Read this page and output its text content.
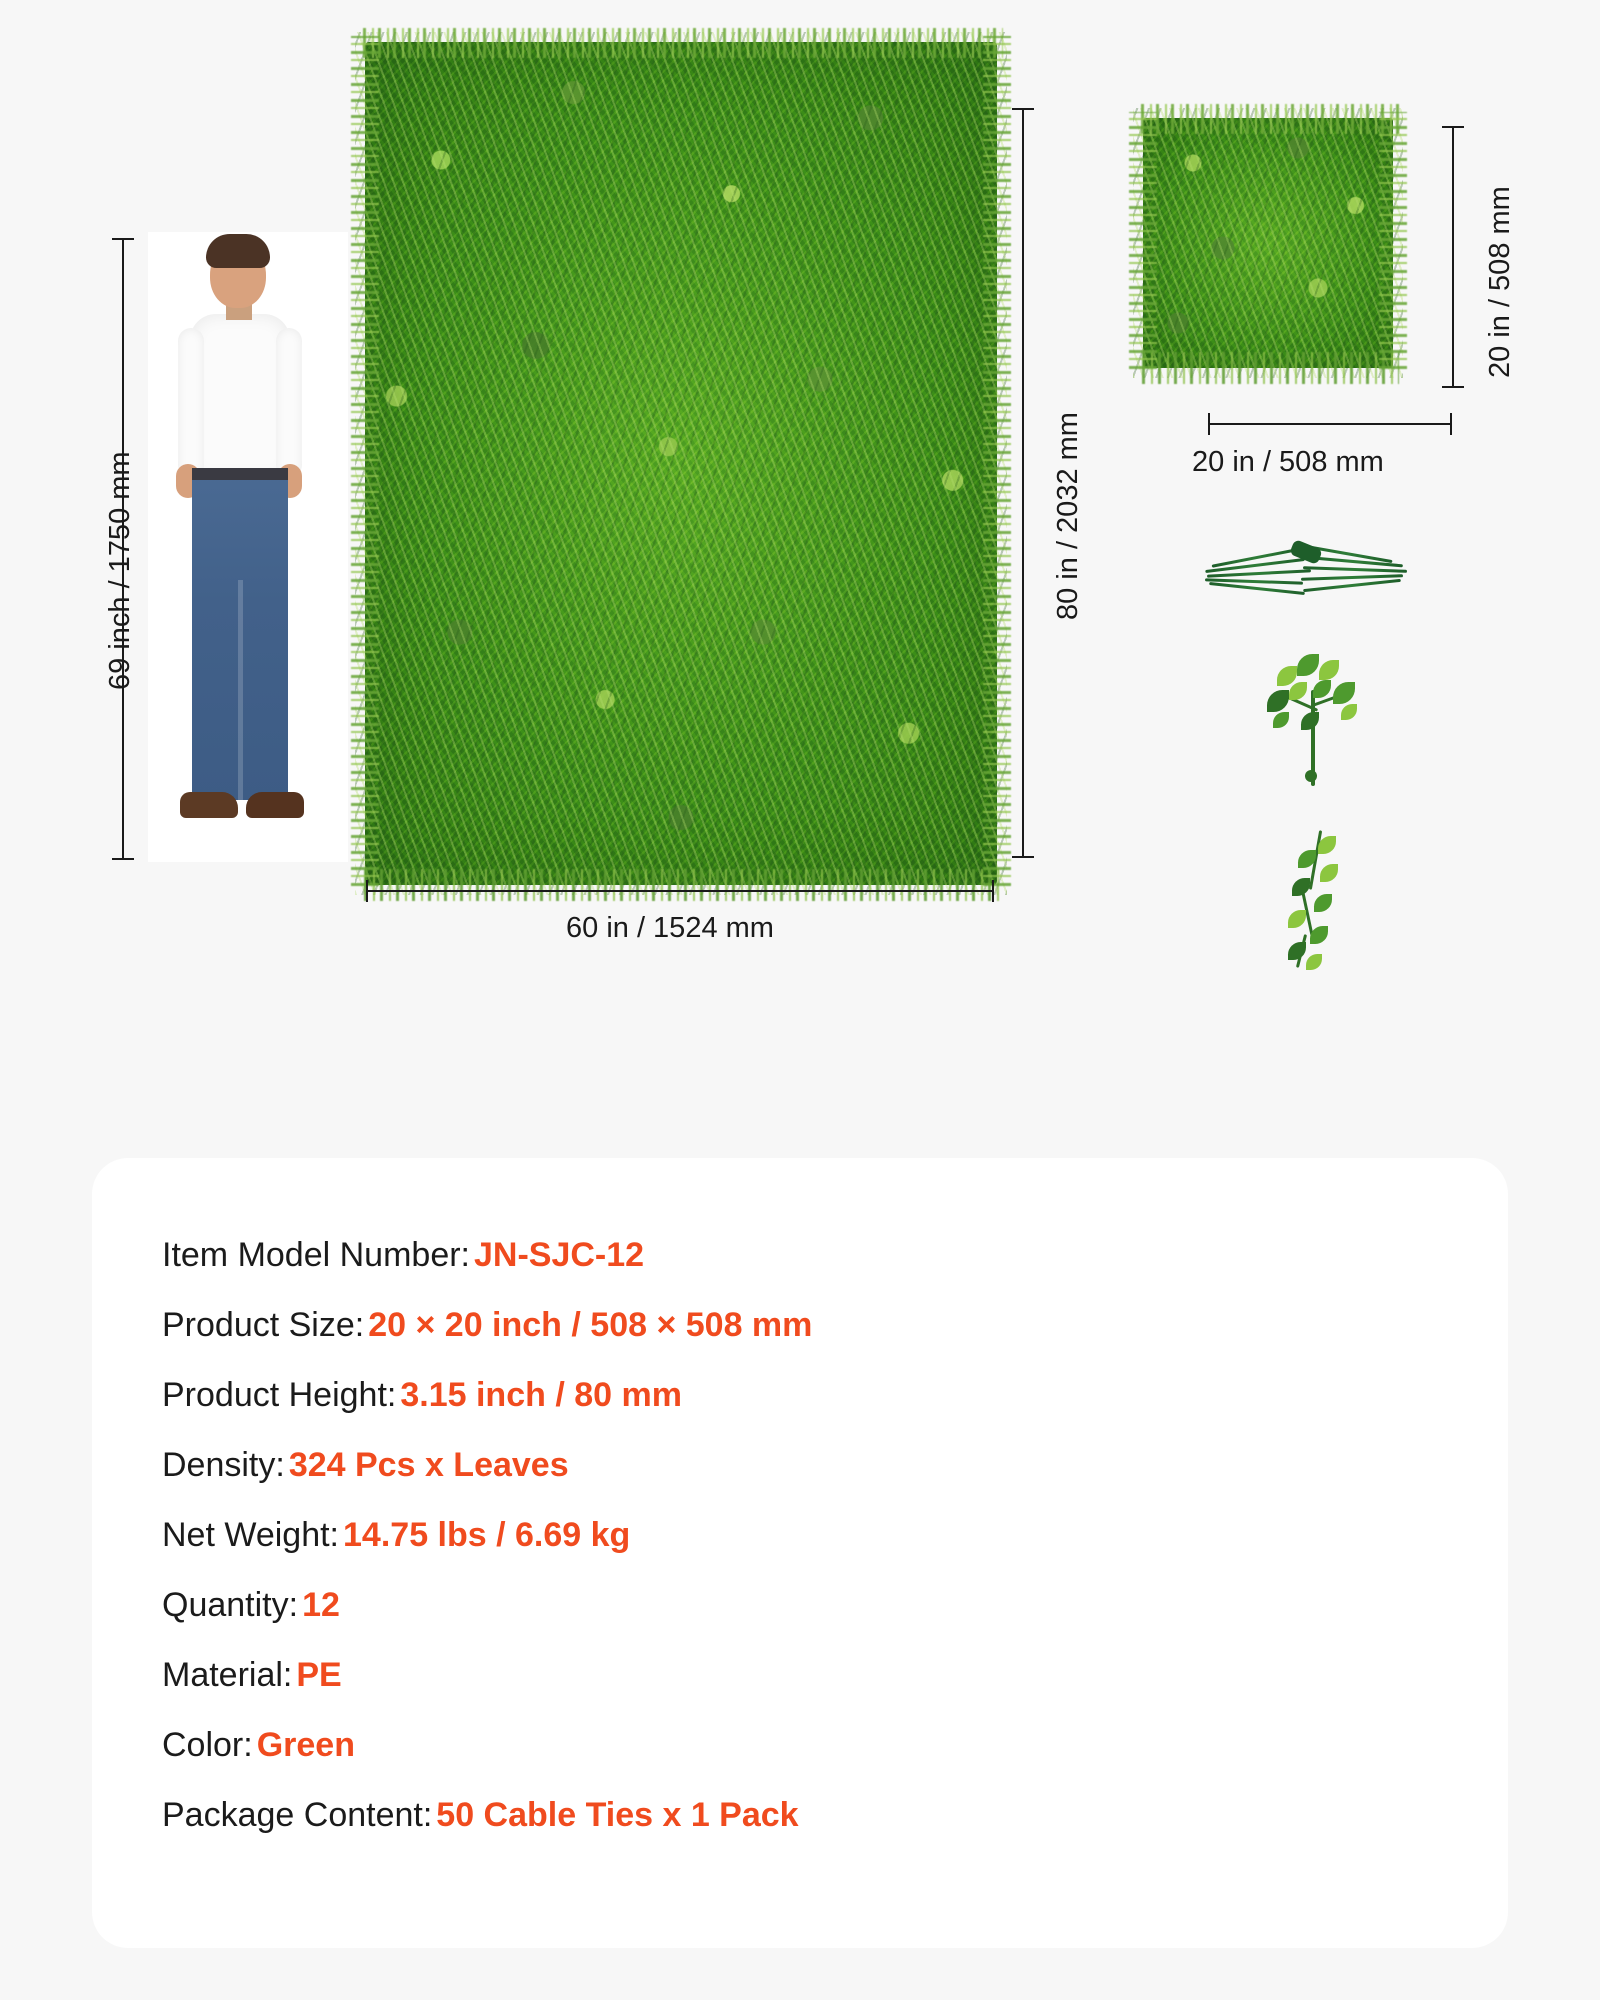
69 inch / 1750 mm	80 in / 2032 mm
60 in / 1524 mm
20 in / 508 mm
20 in / 508 mm
Item Model Number: JN-SJC-12
Product Size: 20 × 20 inch / 508 × 508 mm
Product Height: 3.15 inch / 80 mm
Density: 324 Pcs x Leaves
Net Weight: 14.75 lbs / 6.69 kg
Quantity: 12
Material: PE
Color: Green
Package Content: 50 Cable Ties x 1 Pack
